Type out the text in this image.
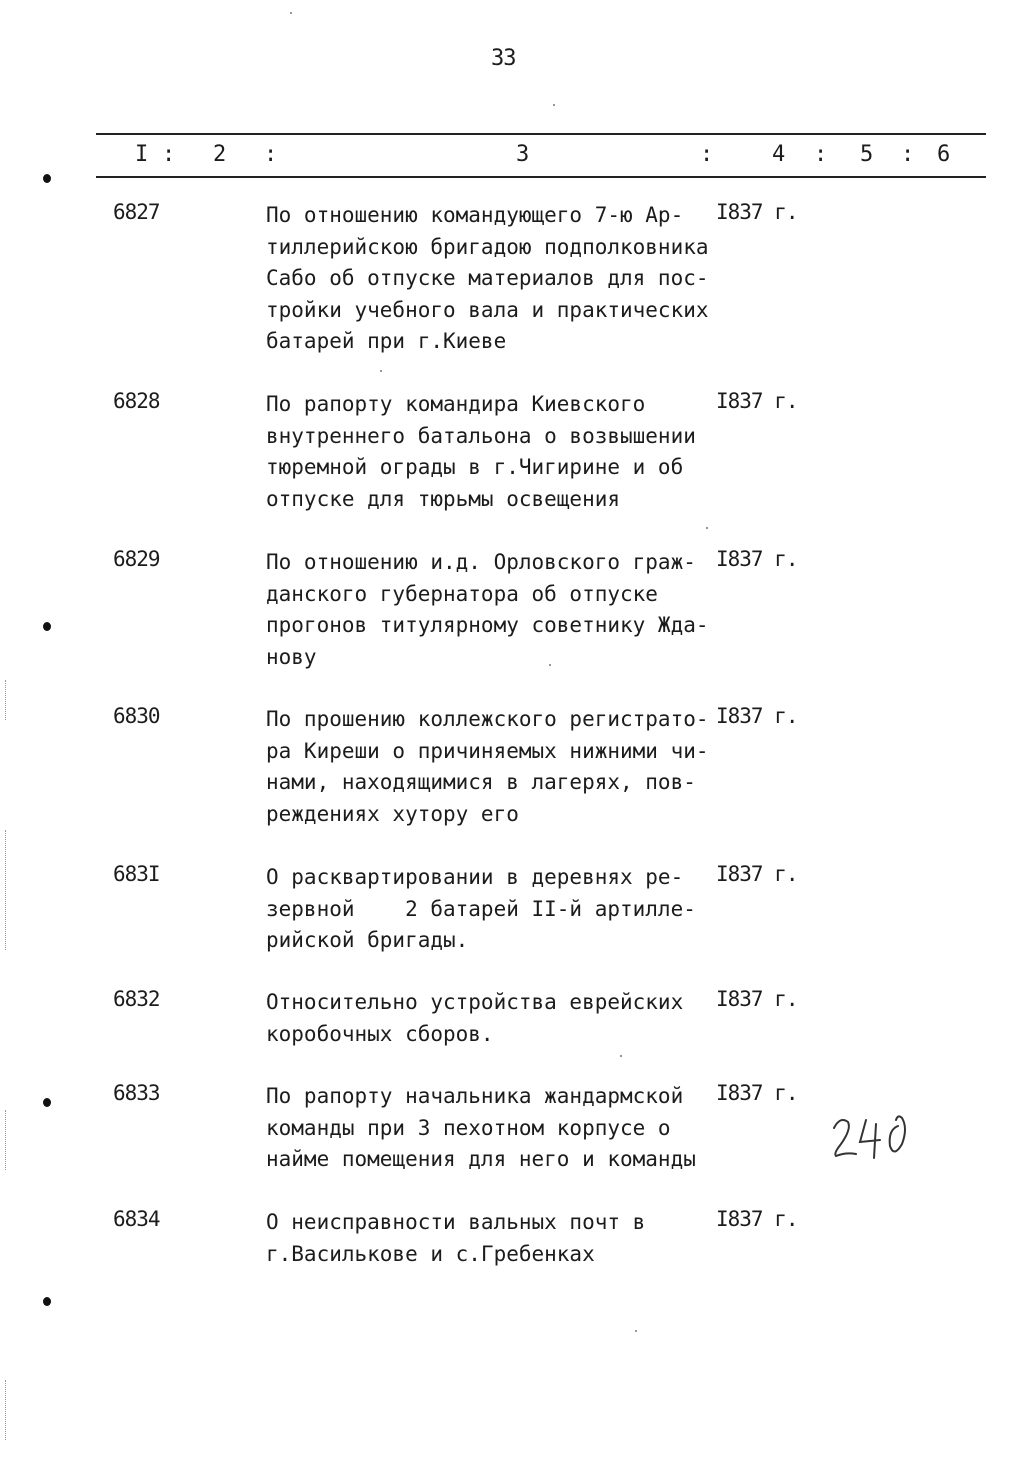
33
I : 2 :	3	:	4 : 5 : 6
6827	По отношению командующего 7-ю Ар-
тиллерийскою бригадою подполковника
Сабо об отпуске материалов для пос-
тройки учебного вала и практических
батарей при г.Киеве
I837 г.
6828	По рапорту командира Киевского
внутреннего батальона о возвышении
тюремной ограды в г.Чигирине и об
отпуске для тюрьмы освещения
I837 г.
6829	По отношению и.д. Орловского граж-
данского губернатора об отпуске
прогонов титулярному советнику Жда-
нову
I837 г.
6830	По прошению коллежского регистрато-
ра Киреши о причиняемых нижними чи-
нами, находящимися в лагерях, пов-
реждениях хутору его
I837 г.
683I	О расквартировании в деревнях ре-
зервной    2 батарей II-й артилле-
рийской бригады.
I837 г.
6832	Относительно устройства еврейских
коробочных сборов.
I837 г.
6833	По рапорту начальника жандармской
команды при 3 пехотном корпусе о
найме помещения для него и команды
I837 г.
6834	О неисправности вальных почт в
г.Василькове и с.Гребенках
I837 г.
